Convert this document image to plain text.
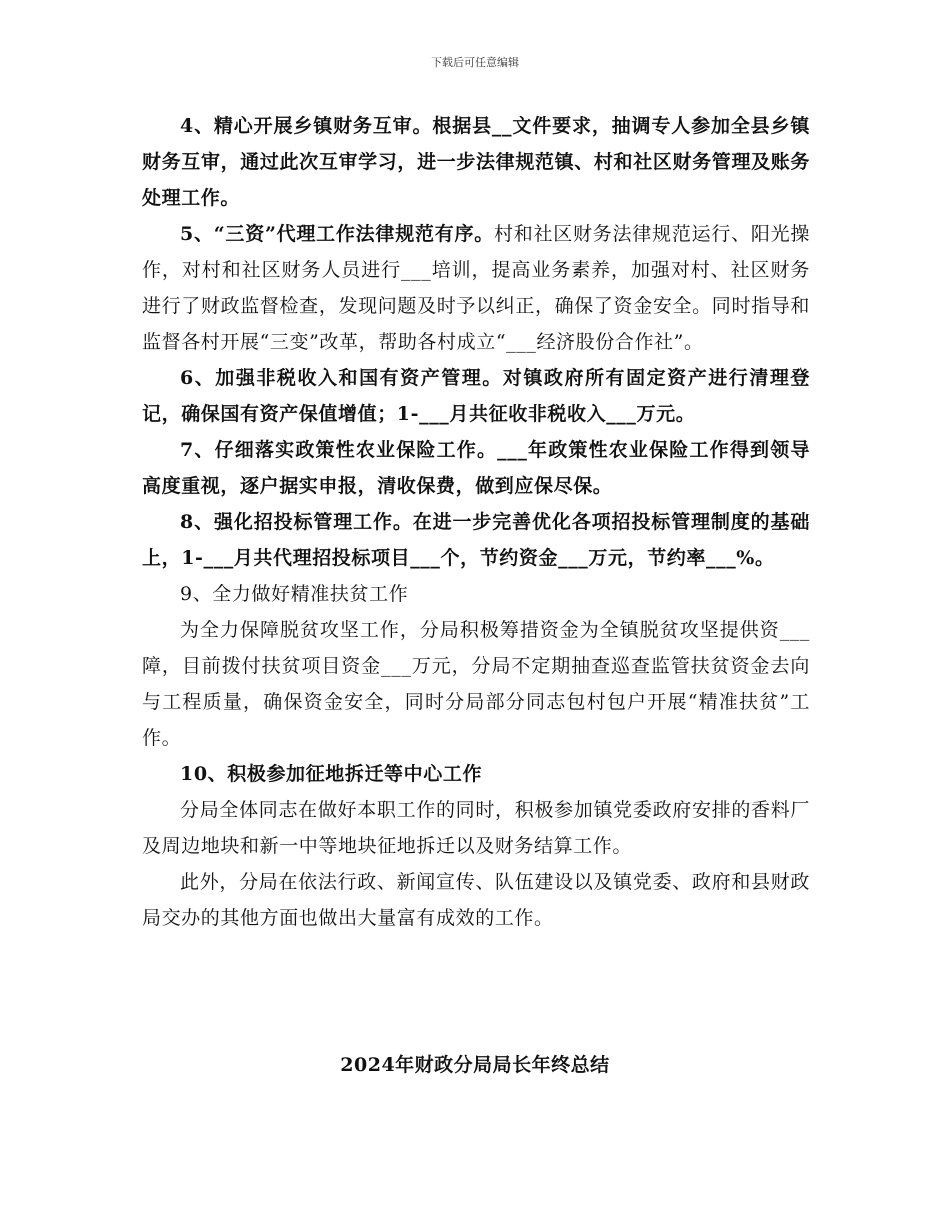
下载后可任意编辑

4、精心开展乡镇财务互审。根据县__文件要求，抽调专人参加全县乡镇财务互审，通过此次互审学习，进一步法律规范镇、村和社区财务管理及账务处理工作。

5、“三资”代理工作法律规范有序。村和社区财务法律规范运行、阳光操作，对村和社区财务人员进行___培训，提高业务素养，加强对村、社区财务进行了财政监督检查，发现问题及时予以纠正，确保了资金安全。同时指导和监督各村开展“三变”改革，帮助各村成立“___经济股份合作社”。

6、加强非税收入和国有资产管理。对镇政府所有固定资产进行清理登记，确保国有资产保值增值；1-___月共征收非税收入___万元。

7、仔细落实政策性农业保险工作。___年政策性农业保险工作得到领导高度重视，逐户据实申报，清收保费，做到应保尽保。

8、强化招投标管理工作。在进一步完善优化各项招投标管理制度的基础上，1-___月共代理招投标项目___个，节约资金___万元，节约率___%。

9、全力做好精准扶贫工作

为全力保障脱贫攻坚工作，分局积极筹措资金为全镇脱贫攻坚提供资___障，目前拨付扶贫项目资金___万元，分局不定期抽查巡查监管扶贫资金去向与工程质量，确保资金安全，同时分局部分同志包村包户开展“精准扶贫”工作。

10、积极参加征地拆迁等中心工作

分局全体同志在做好本职工作的同时，积极参加镇党委政府安排的香料厂及周边地块和新一中等地块征地拆迁以及财务结算工作。

此外，分局在依法行政、新闻宣传、队伍建设以及镇党委、政府和县财政局交办的其他方面也做出大量富有成效的工作。

2024年财政分局局长年终总结
